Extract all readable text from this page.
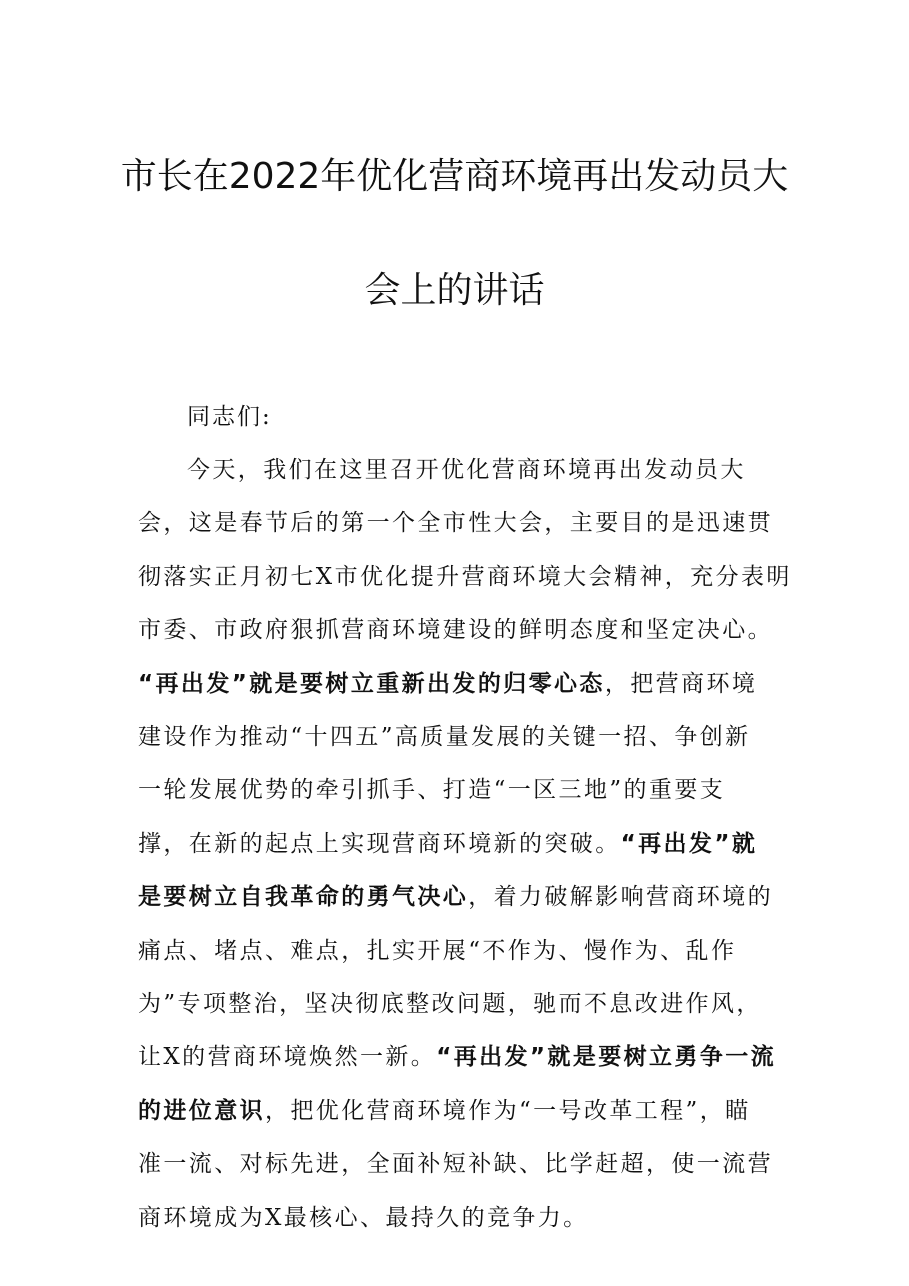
市长在2022年优化营商环境再出发动员大
会上的讲话
同志们:
今天，我们在这里召开优化营商环境再出发动员大
会，这是春节后的第一个全市性大会，主要目的是迅速贯
彻落实正月初七X市优化提升营商环境大会精神，充分表明
市委、市政府狠抓营商环境建设的鲜明态度和坚定决心。
“再出发”就是要树立重新出发的归零心态，把营商环境
建设作为推动“十四五”高质量发展的关键一招、争创新
一轮发展优势的牵引抓手、打造“一区三地”的重要支
撑，在新的起点上实现营商环境新的突破。“再出发”就
是要树立自我革命的勇气决心，着力破解影响营商环境的
痛点、堵点、难点，扎实开展“不作为、慢作为、乱作
为”专项整治，坚决彻底整改问题，驰而不息改进作风，
让X的营商环境焕然一新。“再出发”就是要树立勇争一流
的进位意识，把优化营商环境作为“一号改革工程”，瞄
准一流、对标先进，全面补短补缺、比学赶超，使一流营
商环境成为X最核心、最持久的竞争力。
